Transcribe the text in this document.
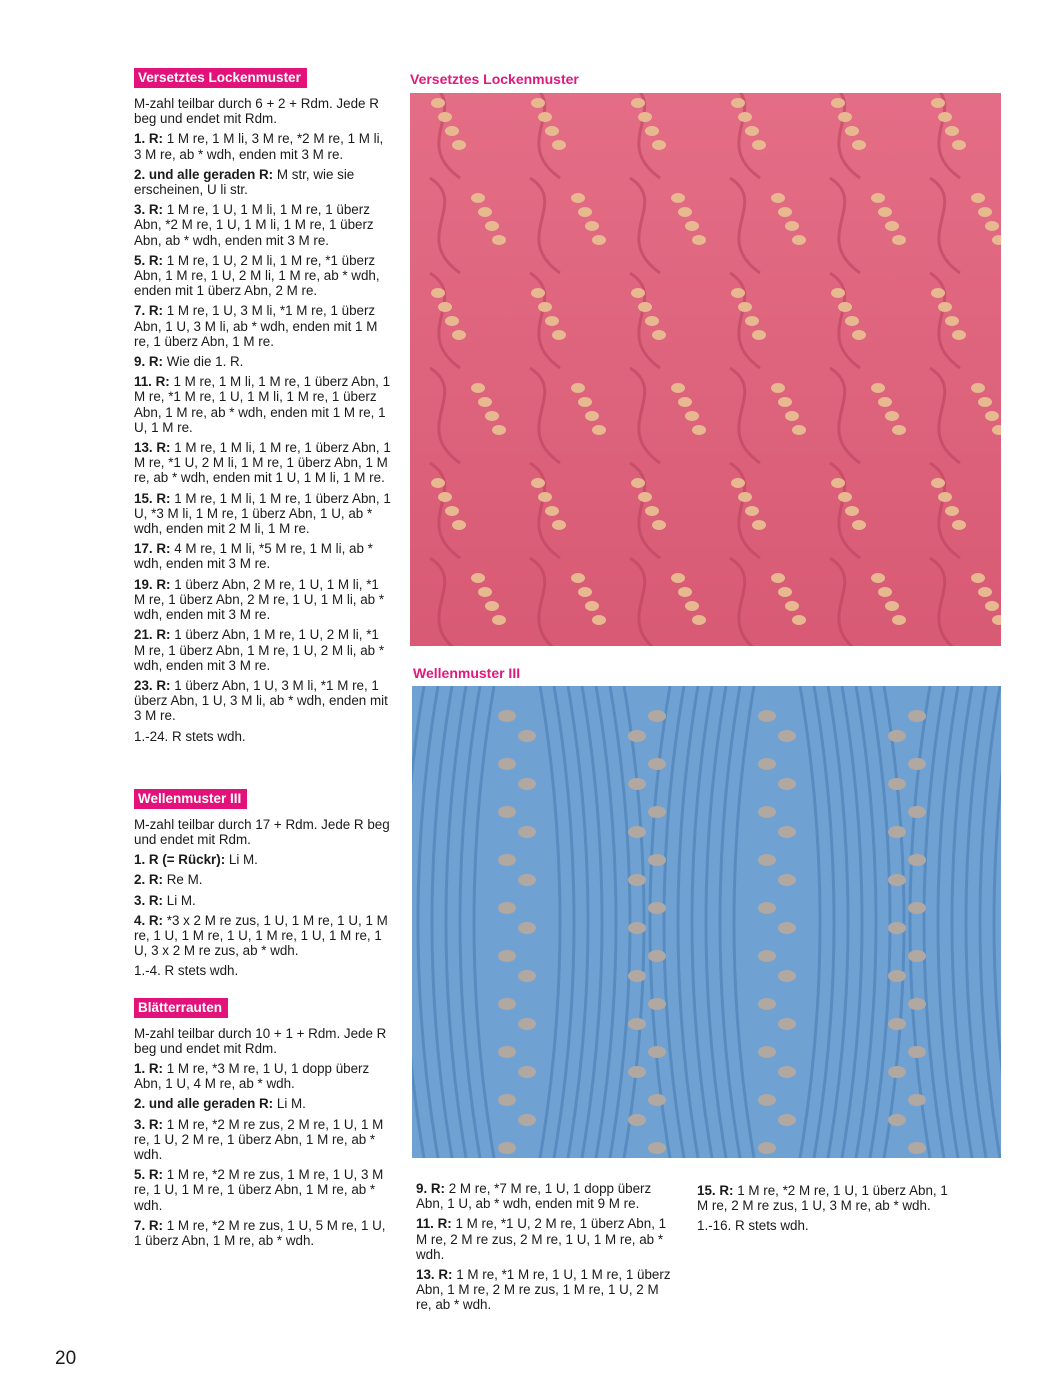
Versetztes Lockenmuster

M-zahl teilbar durch 6 + 2 + Rdm. Jede R beg und endet mit Rdm.

1. R: 1 M re, 1 M li, 3 M re, *2 M re, 1 M li, 3 M re, ab * wdh, enden mit 3 M re.

2. und alle geraden R: M str, wie sie erscheinen, U li str.

3. R: 1 M re, 1 U, 1 M li, 1 M re, 1 überz Abn, *2 M re, 1 U, 1 M li, 1 M re, 1 überz Abn, ab * wdh, enden mit 3 M re.

5. R: 1 M re, 1 U, 2 M li, 1 M re, *1 überz Abn, 1 M re, 1 U, 2 M li, 1 M re, ab * wdh, enden mit 1 überz Abn, 2 M re.

7. R: 1 M re, 1 U, 3 M li, *1 M re, 1 überz Abn, 1 U, 3 M li, ab * wdh, enden mit 1 M re, 1 überz Abn, 1 M re.

9. R: Wie die 1. R.

11. R: 1 M re, 1 M li, 1 M re, 1 überz Abn, 1 M re, *1 M re, 1 U, 1 M li, 1 M re, 1 überz Abn, 1 M re, ab * wdh, enden mit 1 M re, 1 U, 1 M re.

13. R: 1 M re, 1 M li, 1 M re, 1 überz Abn, 1 M re, *1 U, 2 M li, 1 M re, 1 überz Abn, 1 M re, ab * wdh, enden mit 1 U, 1 M li, 1 M re.

15. R: 1 M re, 1 M li, 1 M re, 1 überz Abn, 1 U, *3 M li, 1 M re, 1 überz Abn, 1 U, ab * wdh, enden mit 2 M li, 1 M re.

17. R: 4 M re, 1 M li, *5 M re, 1 M li, ab * wdh, enden mit 3 M re.

19. R: 1 überz Abn, 2 M re, 1 U, 1 M li, *1 M re, 1 überz Abn, 2 M re, 1 U, 1 M li, ab * wdh, enden mit 3 M re.

21. R: 1 überz Abn, 1 M re, 1 U, 2 M li, *1 M re, 1 überz Abn, 1 M re, 1 U, 2 M li, ab * wdh, enden mit 3 M re.

23. R: 1 überz Abn, 1 U, 3 M li, *1 M re, 1 überz Abn, 1 U, 3 M li, ab * wdh, enden mit 3 M re.

1.-24. R stets wdh.

Wellenmuster III

M-zahl teilbar durch 17 + Rdm. Jede R beg und endet mit Rdm.

1. R (= Rückr): Li M.

2. R: Re M.

3. R: Li M.

4. R: *3 x 2 M re zus, 1 U, 1 M re, 1 U, 1 M re, 1 U, 1 M re, 1 U, 1 M re, 1 U, 1 M re, 1 U, 3 x 2 M re zus, ab * wdh.

1.-4. R stets wdh.

Blätterrauten

M-zahl teilbar durch 10 + 1 + Rdm. Jede R beg und endet mit Rdm.

1. R: 1 M re, *3 M re, 1 U, 1 dopp überz Abn, 1 U, 4 M re, ab * wdh.

2. und alle geraden R: Li M.

3. R: 1 M re, *2 M re zus, 2 M re, 1 U, 1 M re, 1 U, 2 M re, 1 überz Abn, 1 M re, ab * wdh.

5. R: 1 M re, *2 M re zus, 1 M re, 1 U, 3 M re, 1 U, 1 M re, 1 überz Abn, 1 M re, ab * wdh.

7. R: 1 M re, *2 M re zus, 1 U, 5 M re, 1 U, 1 überz Abn, 1 M re, ab * wdh.

Versetztes Lockenmuster
Wellenmuster III

9. R: 2 M re, *7 M re, 1 U, 1 dopp überz Abn, 1 U, ab * wdh, enden mit 9 M re.

11. R: 1 M re, *1 U, 2 M re, 1 überz Abn, 1 M re, 2 M re zus, 2 M re, 1 U, 1 M re, ab * wdh.

13. R: 1 M re, *1 M re, 1 U, 1 M re, 1 überz Abn, 1 M re, 2 M re zus, 1 M re, 1 U, 2 M re, ab * wdh.

15. R: 1 M re, *2 M re, 1 U, 1 überz Abn, 1 M re, 2 M re zus, 1 U, 3 M re, ab * wdh.

1.-16. R stets wdh.

20
